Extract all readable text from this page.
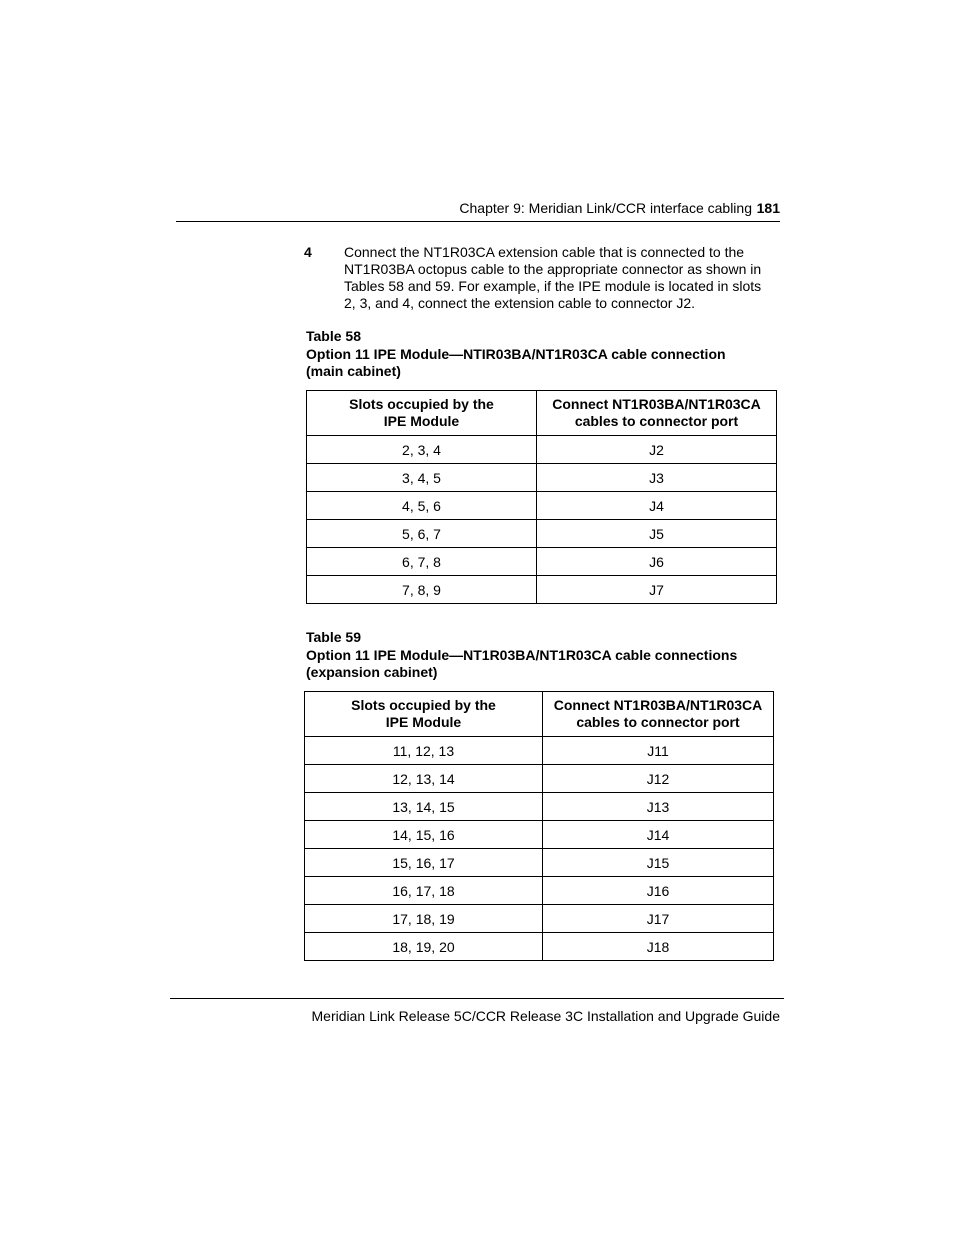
Chapter 9: Meridian Link/CCR interface cabling 181
4 Connect the NT1R03CA extension cable that is connected to the NT1R03BA octopus cable to the appropriate connector as shown in Tables 58 and 59. For example, if the IPE module is located in slots 2, 3, and 4, connect the extension cable to connector J2.
Table 58
Option 11 IPE Module—NTIR03BA/NT1R03CA cable connection
(main cabinet)
Slots occupied by the IPE Module	Connect NT1R03BA/NT1R03CA cables to connector port
2, 3, 4	J2
3, 4, 5	J3
4, 5, 6	J4
5, 6, 7	J5
6, 7, 8	J6
7, 8, 9	J7
Table 59
Option 11 IPE Module—NT1R03BA/NT1R03CA cable connections
(expansion cabinet)
Slots occupied by the IPE Module	Connect NT1R03BA/NT1R03CA cables to connector port
11, 12, 13	J11
12, 13, 14	J12
13, 14, 15	J13
14, 15, 16	J14
15, 16, 17	J15
16, 17, 18	J16
17, 18, 19	J17
18, 19, 20	J18
Meridian Link Release 5C/CCR Release 3C Installation and Upgrade Guide
